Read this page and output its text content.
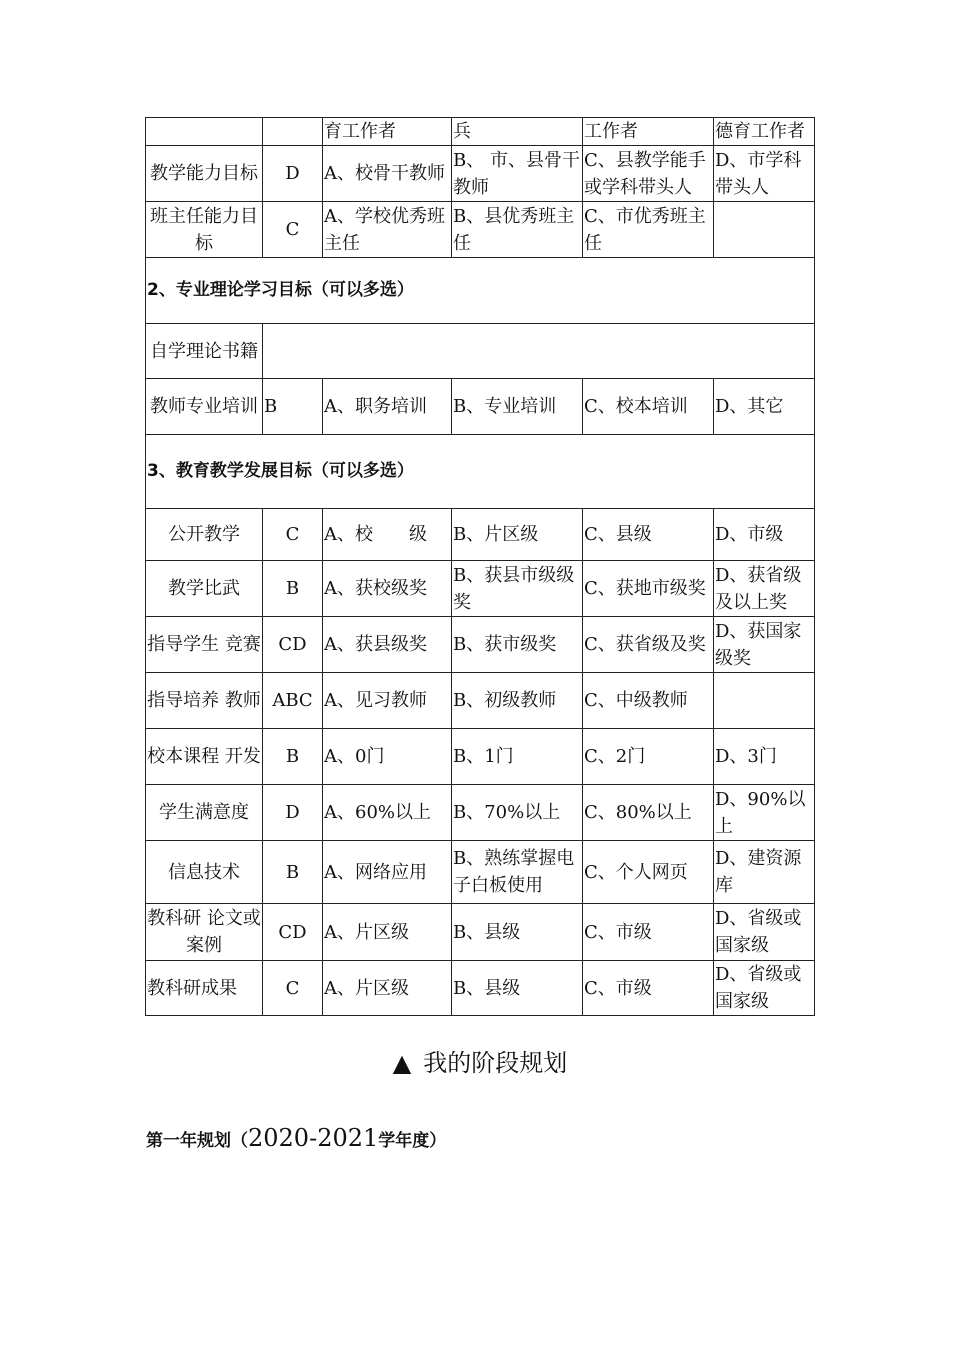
		育工作者	兵	工作者	德育工作者
教学能力目标	D	A、校骨干教师	B、 市、县骨干教师	C、县教学能手或学科带头人	D、市学科带头人
班主任能力目标	C	A、学校优秀班主任	B、县优秀班主任	C、市优秀班主任	
2、专业理论学习目标（可以多选）					
自学理论书籍					
教师专业培训	B	A、职务培训	B、专业培训	C、校本培训	D、其它
3、教育教学发展目标（可以多选）					
公开教学	C	A、校　　级	B、片区级	C、县级	D、市级
教学比武	B	A、获校级奖	B、获县市级级奖	C、获地市级奖	D、获省级及以上奖
指导学生 竞赛	CD	A、获县级奖	B、获市级奖	C、获省级及奖	D、获国家级奖
指导培养 教师	ABC	A、见习教师	B、初级教师	C、中级教师	
校本课程 开发	B	A、0门	B、1门	C、2门	D、3门
学生满意度	D	A、60%以上	B、70%以上	C、80%以上	D、90%以上
信息技术	B	A、网络应用	B、熟练掌握电子白板使用	C、个人网页	D、建资源库
教科研 论文或案例	CD	A、片区级	B、县级	C、市级	D、省级或国家级
教科研成果	C	A、片区级	B、县级	C、市级	D、省级或国家级
▲ 我的阶段规划
第一年规划（2020-2021学年度）
